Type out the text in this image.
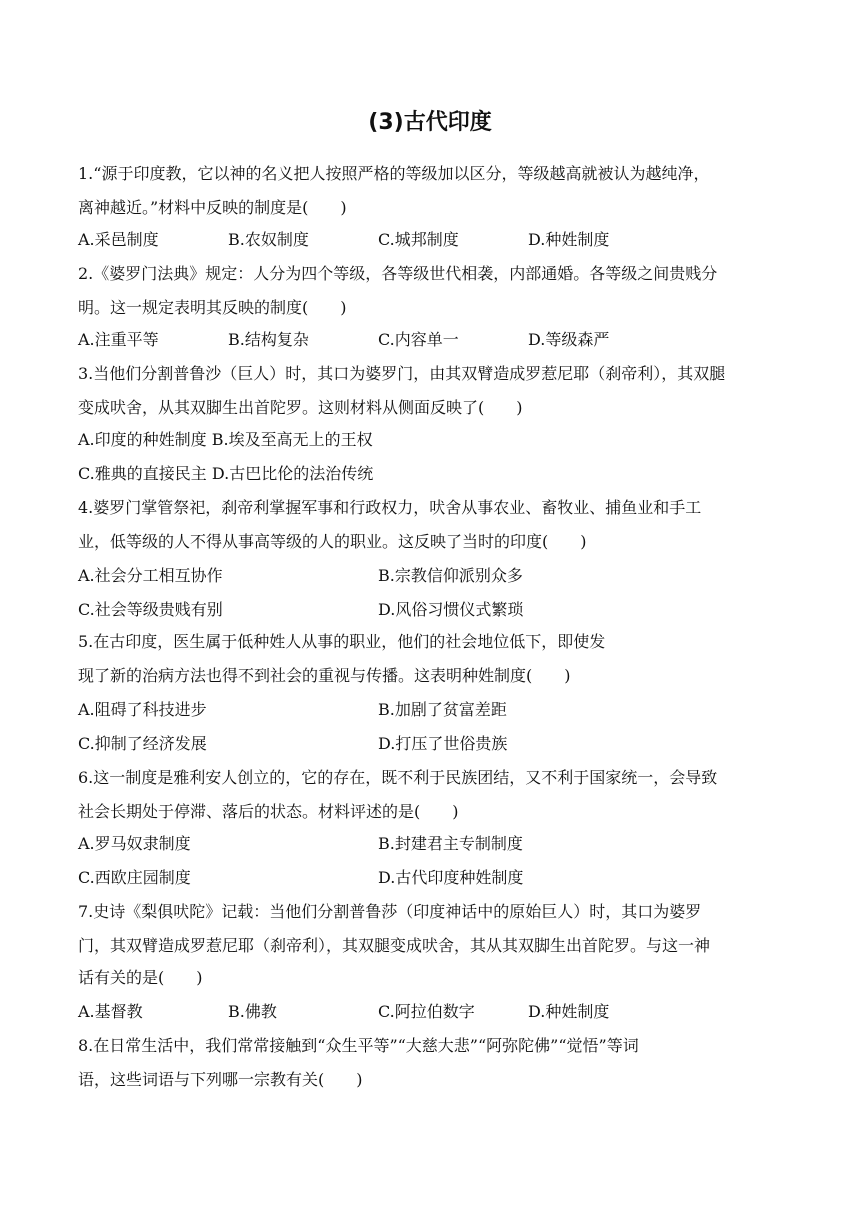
(3)古代印度
1.“源于印度教，它以神的名义把人按照严格的等级加以区分，等级越高就被认为越纯净，
离神越近。”材料中反映的制度是(　　)
A.采邑制度	B.农奴制度	C.城邦制度	D.种姓制度
2.《婆罗门法典》规定：人分为四个等级，各等级世代相袭，内部通婚。各等级之间贵贱分
明。这一规定表明其反映的制度(　　)
A.注重平等	B.结构复杂	C.内容单一	D.等级森严
3.当他们分割普鲁沙（巨人）时，其口为婆罗门，由其双臂造成罗惹尼耶（刹帝利），其双腿
变成吠舍，从其双脚生出首陀罗。这则材料从侧面反映了(　　)
A.印度的种姓制度 B.埃及至高无上的王权
C.雅典的直接民主 D.古巴比伦的法治传统
4.婆罗门掌管祭祀，刹帝利掌握军事和行政权力，吠舍从事农业、畜牧业、捕鱼业和手工
业，低等级的人不得从事高等级的人的职业。这反映了当时的印度(　　)
A.社会分工相互协作	B.宗教信仰派别众多
C.社会等级贵贱有别	D.风俗习惯仪式繁琐
5.在古印度，医生属于低种姓人从事的职业，他们的社会地位低下，即使发
现了新的治病方法也得不到社会的重视与传播。这表明种姓制度(　　)
A.阻碍了科技进步	B.加剧了贫富差距
C.抑制了经济发展	D.打压了世俗贵族
6.这一制度是雅利安人创立的，它的存在，既不利于民族团结，又不利于国家统一，会导致
社会长期处于停滞、落后的状态。材料评述的是(　　)
A.罗马奴隶制度	B.封建君主专制制度
C.西欧庄园制度	D.古代印度种姓制度
7.史诗《梨俱吠陀》记载：当他们分割普鲁莎（印度神话中的原始巨人）时，其口为婆罗
门，其双臂造成罗惹尼耶（刹帝利），其双腿变成吠舍，其从其双脚生出首陀罗。与这一神
话有关的是(　　)
A.基督教	B.佛教	C.阿拉伯数字	D.种姓制度
8.在日常生活中，我们常常接触到“众生平等”“大慈大悲”“阿弥陀佛”“觉悟”等词
语，这些词语与下列哪一宗教有关(　　)
